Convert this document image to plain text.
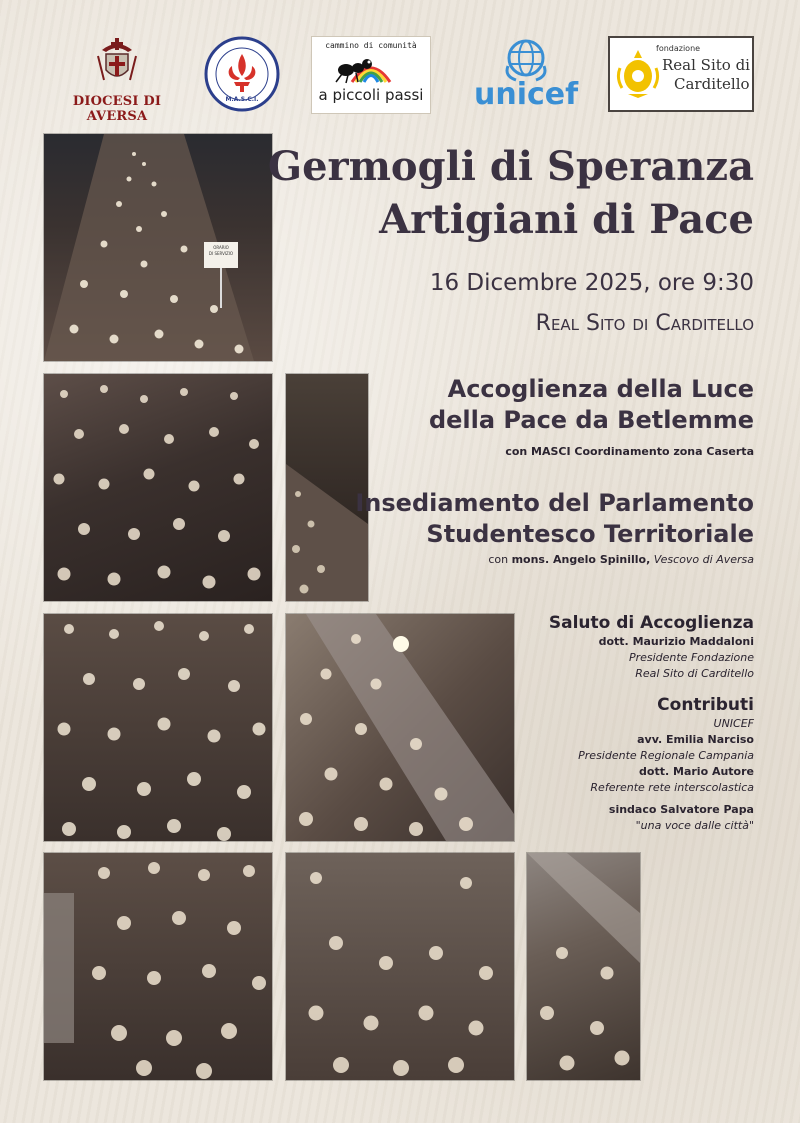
DIOCESI DI AVERSA
M.A.S.C.I.
cammino di comunità
a piccoli passi unicef
fondazione
Real Sito di
Carditello
ORARIO
DI SERVIZIO
Germogli di Speranza
Artigiani di Pace
16 Dicembre 2025, ore 9:30
Real Sito di Carditello
Accoglienza della Luce
della Pace da Betlemme
con MASCI Coordinamento zona Caserta
Insediamento del Parlamento
Studentesco Territoriale
con mons. Angelo Spinillo, Vescovo di Aversa
Saluto di Accoglienza
dott. Maurizio Maddaloni
Presidente Fondazione
Real Sito di Carditello
Contributi
UNICEF
avv. Emilia Narciso
Presidente Regionale Campania
dott. Mario Autore
Referente rete interscolastica
sindaco Salvatore Papa
"una voce dalle città"
